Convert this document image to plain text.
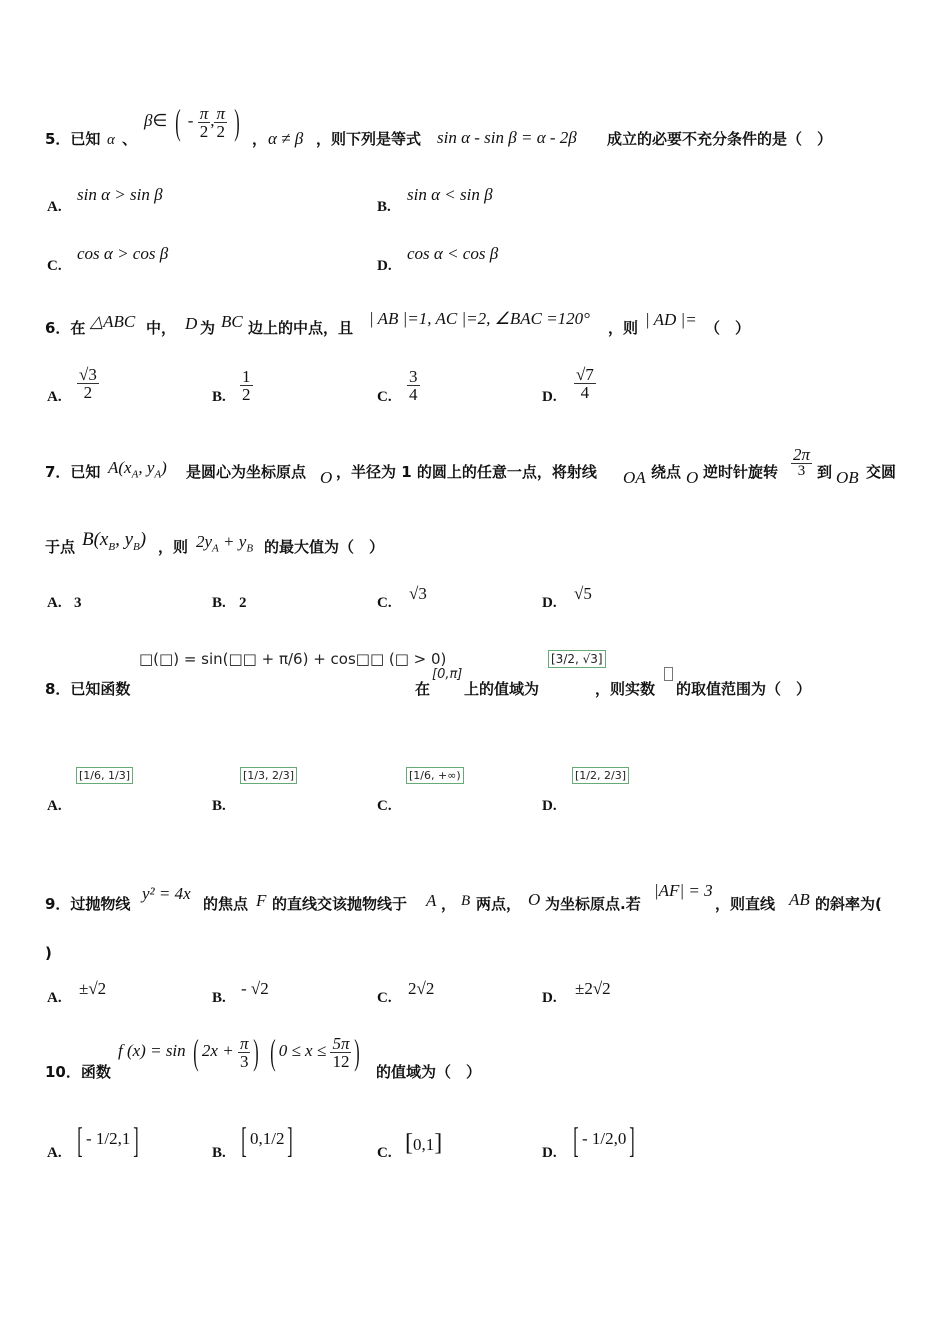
5．已知 α 、
β∈ ( - $\frac{\pi}{2}$ , $\frac{\pi}{2}$ ) ， α ≠ β ，则下列是等式 sin α - sin β = α - 2β 成立的必要不充分条件的是（　）
A.
sin α > sin β
B.
sin α < sin β
C.
cos α > cos β
D.
cos α < cos β
6．在 △ABC 中， D 为 BC 边上的中点，且 | AB |=1, AC |=2, ∠BAC =120° ，则 | AD |= （　）
A. $\frac{√3}{2}$	B. $\frac{1}{2}$	C. $\frac{3}{4}$	D. $\frac{√7}{4}$
7．已知 $A(x_A$, $y_A$) 是圆心为坐标原点 O ，半径为 1 的圆上的任意一点，将射线 OA 绕点 O 逆时针旋转 $\frac{2\pi}{3}$ 到 OB 交圆
于点 $B(x_B$, $y_B$) ，则 $2y_A + y_B$ 的最大值为（　）
A. 3	B. 2	C. √3	D. √5
□(□) = sin(□□ + π/6) + cos□□ (□ > 0)
8．已知函数	在
[0,π]
上的值域为
[3/2, √3]
，则实数 的取值范围为（　）
A.
[1/6, 1/3]
B.
[1/3, 2/3]
C.
[1/6, +∞)
D.
[1/2, 2/3]
9．过抛物线
y² = 4x
的焦点 F 的直线交该抛物线于 A ， B 两点， O 为坐标原点.若
|AF| = 3
，则直线 AB 的斜率为(
)
A. ±√2	B. - √2	C. 2√2	D. ±2√2
10．函数
f (x) = sin ( $2x + \frac{\pi}{3}$ ) ( $0 \le x \le \frac{5\pi}{12}$ ) 的值域为（　）
A. [ - 1/2,1]	B. [ 0,1/2]	C. [0,1]	D. [ - 1/2,0]
